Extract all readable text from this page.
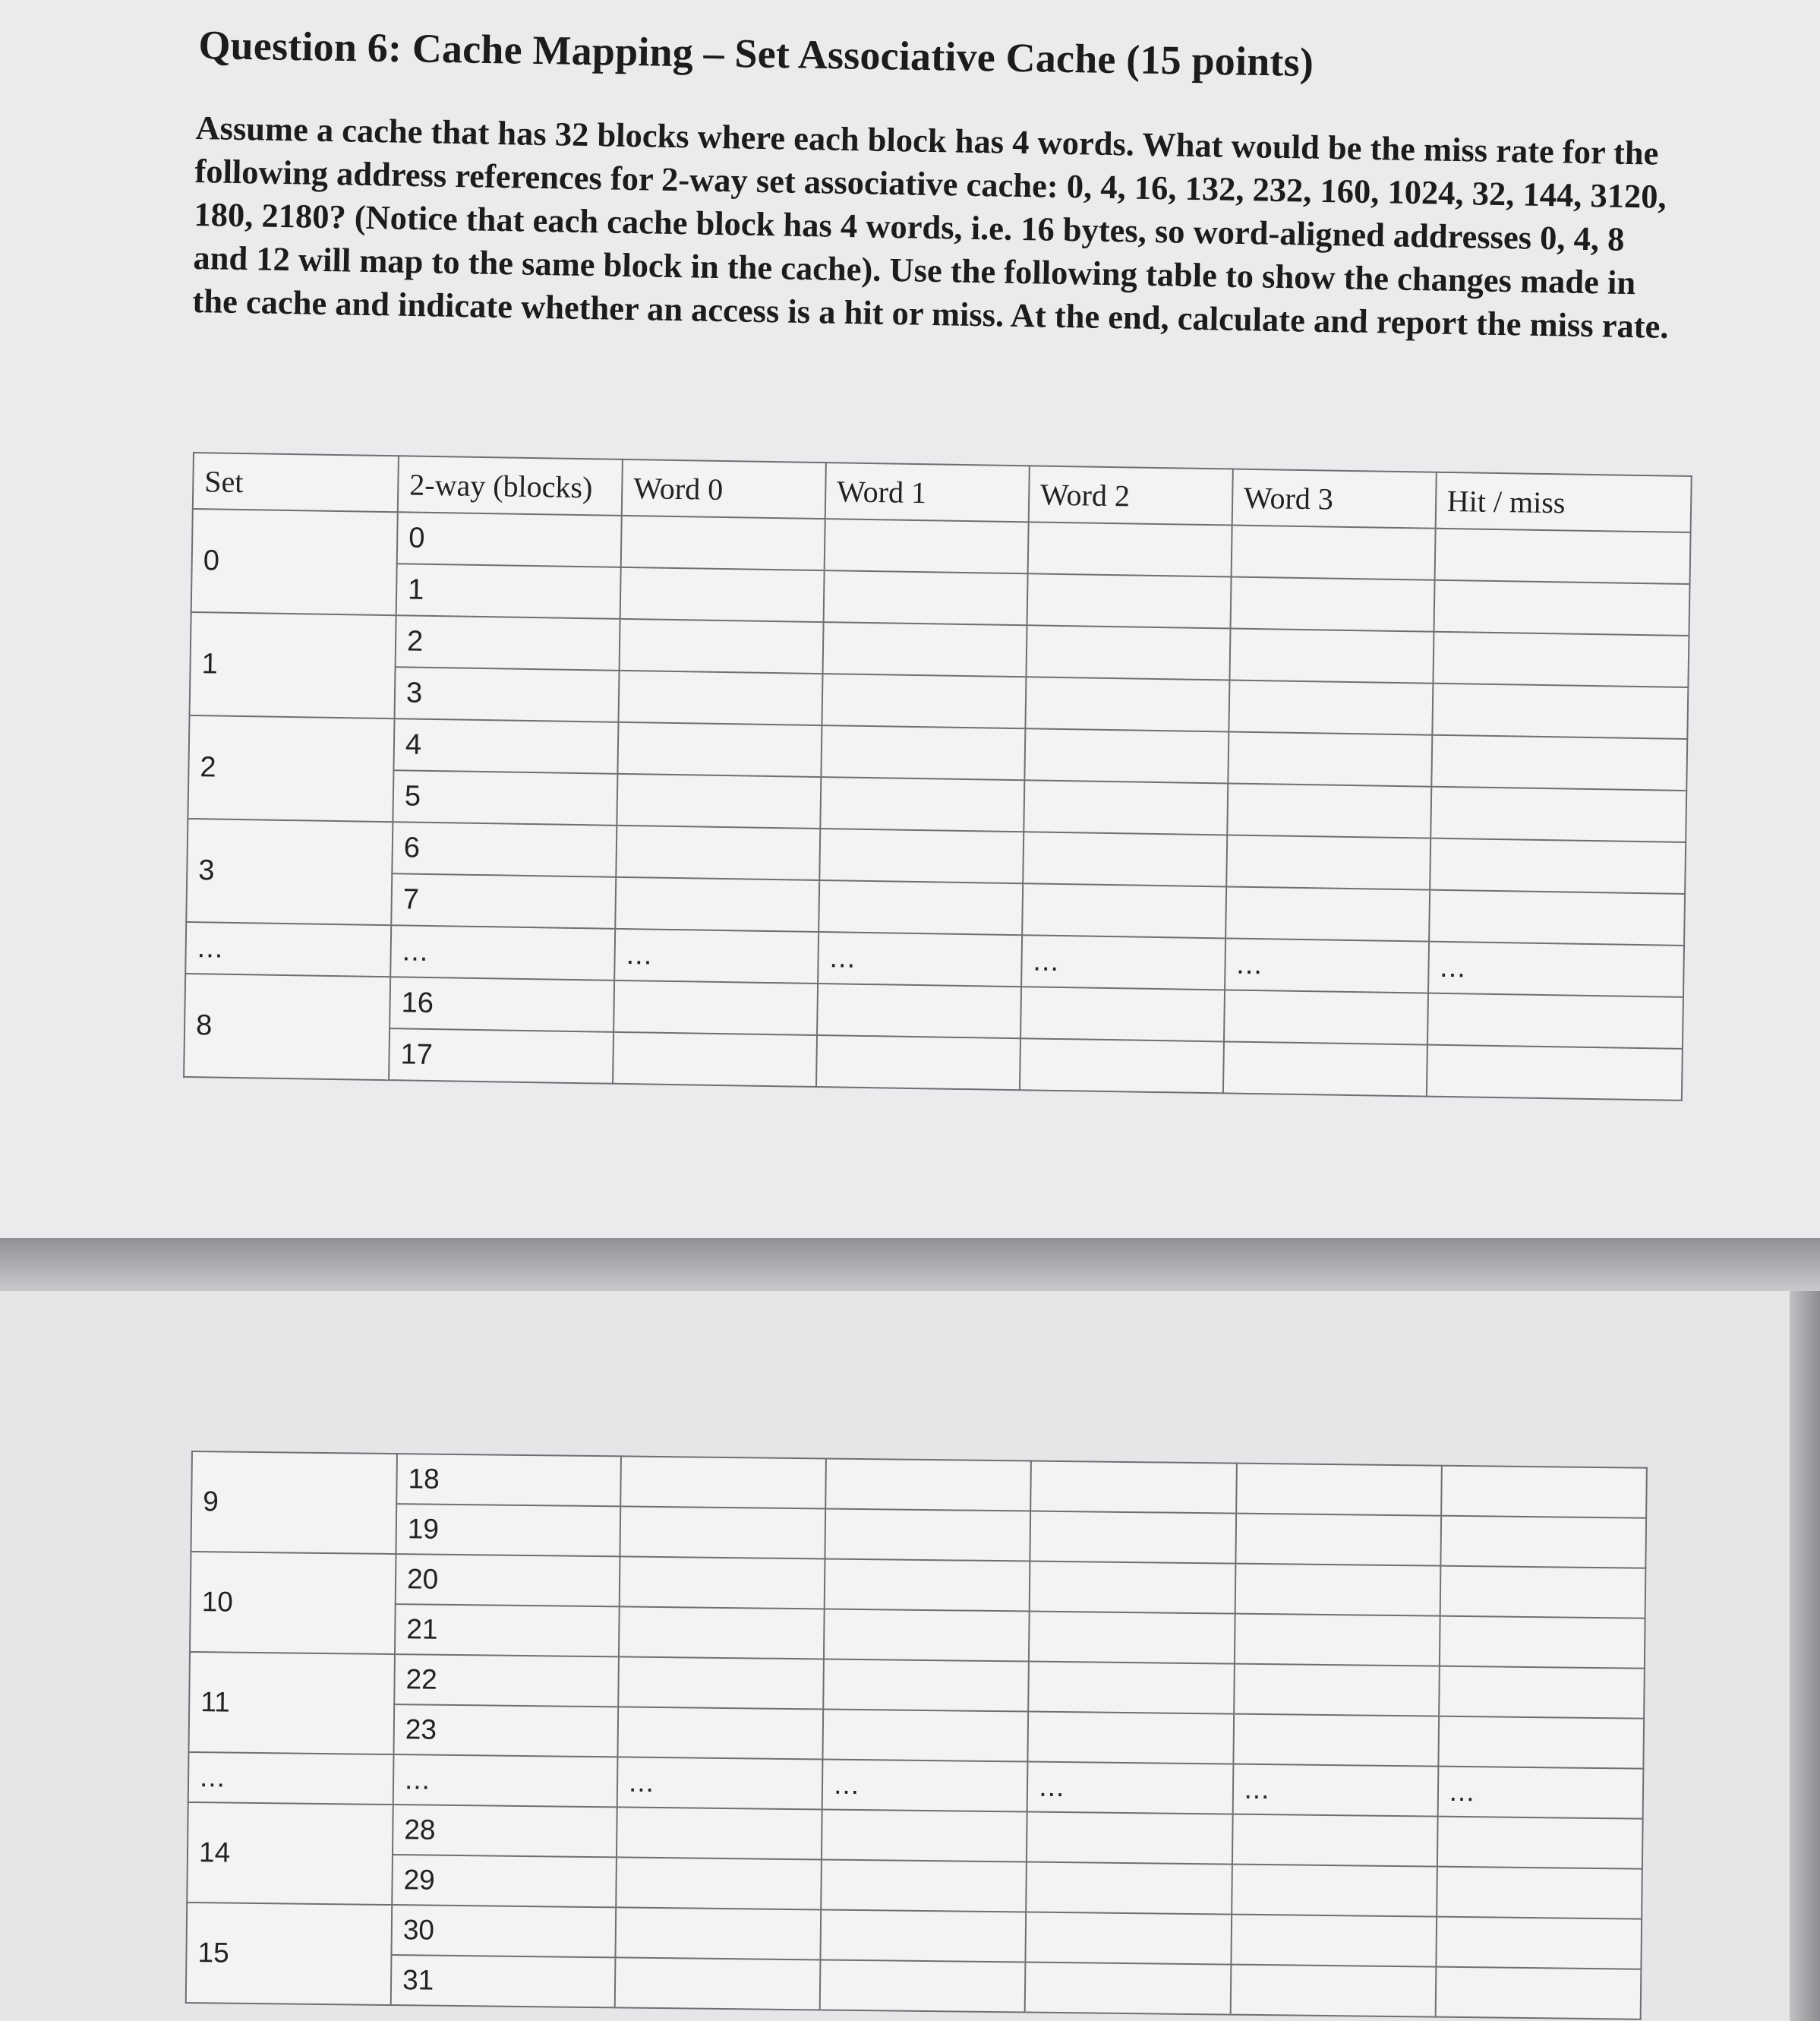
Question 6: Cache Mapping – Set Associative Cache (15 points)

Assume a cache that has 32 blocks where each block has 4 words. What would be the miss rate for the following address references for 2-way set associative cache: 0, 4, 16, 132, 232, 160, 1024, 32, 144, 3120, 180, 2180? (Notice that each cache block has 4 words, i.e. 16 bytes, so word-aligned addresses 0, 4, 8 and 12 will map to the same block in the cache). Use the following table to show the changes made in the cache and indicate whether an access is a hit or miss. At the end, calculate and report the miss rate.

Set	2-way (blocks)	Word 0	Word 1	Word 2	Word 3	Hit / miss
0	0					
	1					
1	2					
	3					
2	4					
	5					
3	6					
	7					
...	...	...	...	...	...	...
8	16					
	17					
9	18					
	19					
10	20					
	21					
11	22					
	23					
...	...	...	...	...	...	...
14	28					
	29					
15	30					
	31					
